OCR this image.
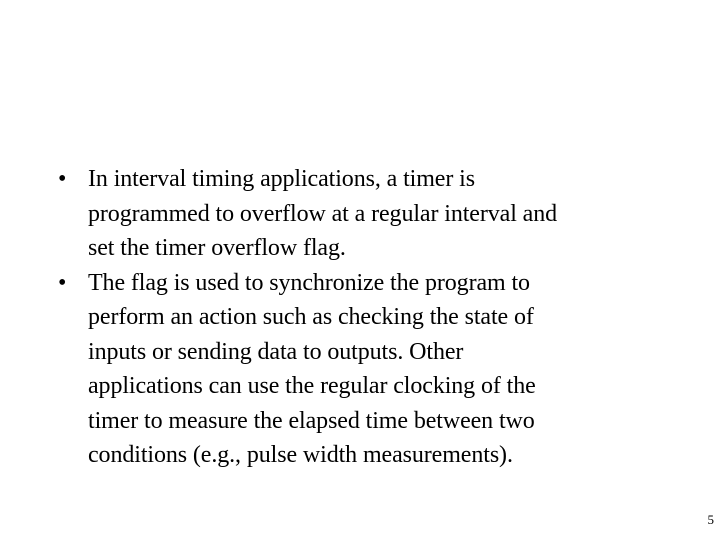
• In interval timing applications, a timer is
programmed to overflow at a regular interval and
set the timer overflow flag.
• The flag is used to synchronize the program to
perform an action such as checking the state of
inputs or sending data to outputs. Other
applications can use the regular clocking of the
timer to measure the elapsed time between two
conditions (e.g., pulse width measurements).
5
